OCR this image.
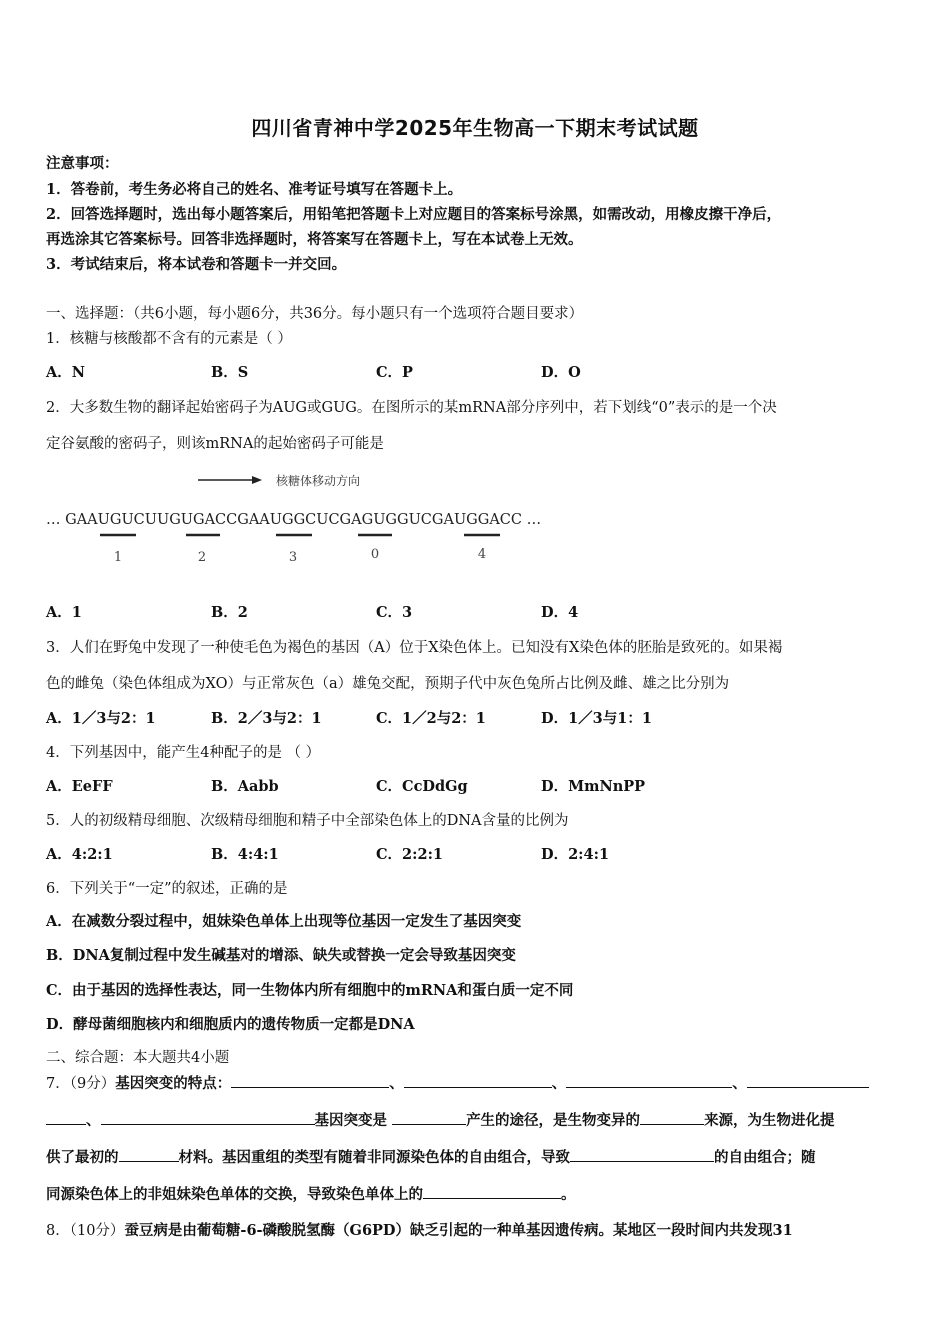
四川省青神中学2025年生物高一下期末考试试题
注意事项：
1．答卷前，考生务必将自己的姓名、准考证号填写在答题卡上。
2．回答选择题时，选出每小题答案后，用铅笔把答题卡上对应题目的答案标号涂黑，如需改动，用橡皮擦干净后，
再选涂其它答案标号。回答非选择题时，将答案写在答题卡上，写在本试卷上无效。
3．考试结束后，将本试卷和答题卡一并交回。
一、选择题：（共6小题，每小题6分，共36分。每小题只有一个选项符合题目要求）
1．核糖与核酸都不含有的元素是（ ）
A．N	B．S	C．P	D．O
2．大多数生物的翻译起始密码子为AUG或GUG。在图所示的某mRNA部分序列中，若下划线“0”表示的是一个决
定谷氨酸的密码子，则该mRNA的起始密码子可能是
核糖体移动方向
… GAAUGUCUUGUGACCGAAUGGCUCGAGUGGUCGAUGGACC …
1	2	3	0	4
A．1	B．2	C．3	D．4
3．人们在野兔中发现了一种使毛色为褐色的基因（A）位于X染色体上。已知没有X染色体的胚胎是致死的。如果褐
色的雌兔（染色体组成为XO）与正常灰色（a）雄兔交配，预期子代中灰色兔所占比例及雌、雄之比分别为
A．1／3与2：1	B．2／3与2：1	C．1／2与2：1	D．1／3与1：1
4．下列基因中，能产生4种配子的是 （ ）
A．EeFF	B．Aabb	C．CcDdGg	D．MmNnPP
5．人的初级精母细胞、次级精母细胞和精子中全部染色体上的DNA含量的比例为
A．4:2:1	B．4:4:1	C．2:2:1	D．2:4:1
6．下列关于“一定”的叙述，正确的是
A．在减数分裂过程中，姐妹染色单体上出现等位基因一定发生了基因突变
B．DNA复制过程中发生碱基对的增添、缺失或替换一定会导致基因突变
C．由于基因的选择性表达，同一生物体内所有细胞中的mRNA和蛋白质一定不同
D．酵母菌细胞核内和细胞质内的遗传物质一定都是DNA
二、综合题：本大题共4小题
7．（9分）基因突变的特点：	、	、	、
、	基因突变是	产生的途径，是生物变异的	来源，为生物进化提
供了最初的	材料。基因重组的类型有随着非同源染色体的自由组合，导致	的自由组合；随
同源染色体上的非姐妹染色单体的交换，导致染色单体上的	。
8．（10分）蚕豆病是由葡萄糖-6-磷酸脱氢酶（G6PD）缺乏引起的一种单基因遗传病。某地区一段时间内共发现31
